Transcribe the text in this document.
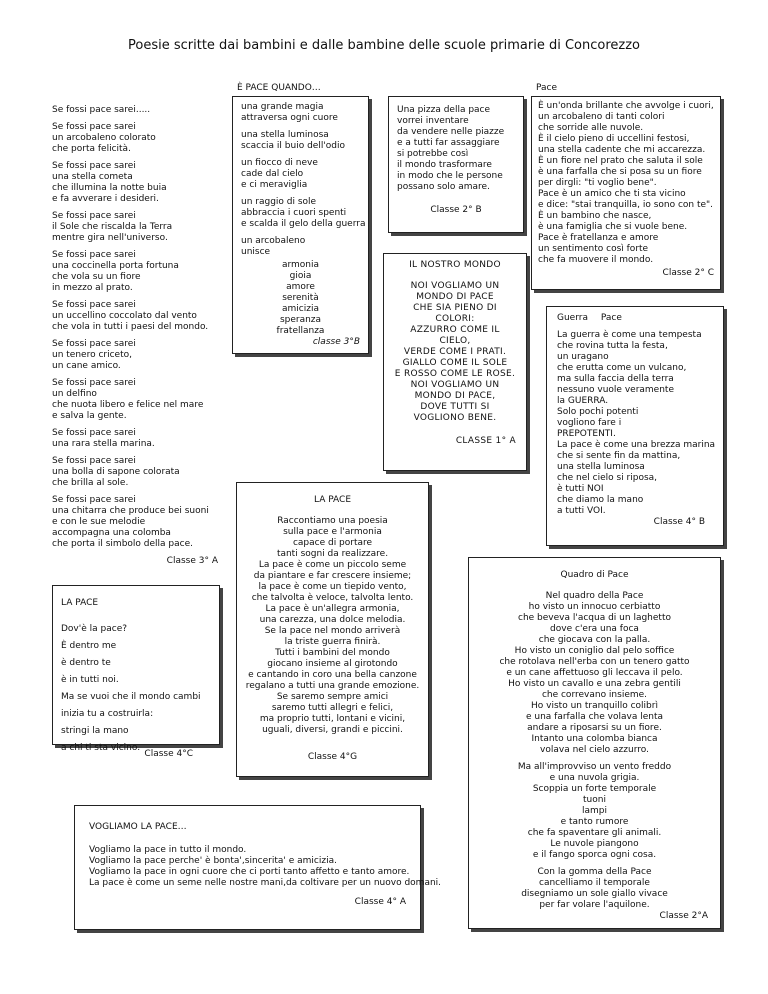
Poesie scritte dai bambini e dalle bambine delle scuole primarie di Concorezzo
Se fossi pace sarei.....
Se fossi pace sarei
un arcobaleno colorato
che porta felicità.
Se fossi pace sarei
una stella cometa
che illumina la notte buia
e fa avverare i desideri.
Se fossi pace sarei
il Sole che riscalda la Terra
mentre gira nell'universo.
Se fossi pace sarei
una coccinella porta fortuna
che vola su un fiore
in mezzo al prato.
Se fossi pace sarei
un uccellino coccolato dal vento
che vola in tutti i paesi del mondo.
Se fossi pace sarei
un tenero criceto,
un cane amico.
Se fossi pace sarei
un delfino
che nuota libero e felice nel mare
e salva la gente.
Se fossi pace sarei
una rara stella marina.
Se fossi pace sarei
una bolla di sapone colorata
che brilla al sole.
Se fossi pace sarei
una chitarra che produce bei suoni
e con le sue melodie
accompagna una colomba
che porta il simbolo della pace.
Classe 3° A
È PACE QUANDO…
una grande magia
attraversa ogni cuore
una stella luminosa
scaccia il buio dell'odio
un fiocco di neve
cade dal cielo
e ci meraviglia
un raggio di sole
abbraccia i cuori spenti
e scalda il gelo della guerra
un arcobaleno
unisce
armonia
gioia
amore
serenità
amicizia
speranza
fratellanza
classe 3°B
Una pizza della pace
vorrei inventare
da vendere nelle piazze
e a tutti far assaggiare
si potrebbe così
il mondo trasformare
in modo che le persone
possano solo amare.
Classe 2° B
Pace
È un'onda brillante che avvolge i cuori,
un arcobaleno di tanti colori
che sorride alle nuvole.
È il cielo pieno di uccellini festosi,
una stella cadente che mi accarezza.
È un fiore nel prato che saluta il sole
è una farfalla che si posa su un fiore
per dirgli: "ti voglio bene".
Pace è un amico che ti sta vicino
e dice: "stai tranquilla, io sono con te".
È un bambino che nasce,
è una famiglia che si vuole bene.
Pace è fratellanza e amore
un sentimento così forte
che fa muovere il mondo.
Classe 2° C
IL NOSTRO MONDO
NOI VOGLIAMO UN
MONDO DI PACE
CHE SIA PIENO DI
COLORI:
AZZURRO COME IL
CIELO,
VERDE COME I PRATI.
GIALLO COME IL SOLE
E ROSSO COME LE ROSE.
NOI VOGLIAMO UN
MONDO DI PACE,
DOVE TUTTI SI
VOGLIONO BENE.
CLASSE 1° A
Guerra Pace
La guerra è come una tempesta
che rovina tutta la festa,
un uragano
che erutta come un vulcano,
ma sulla faccia della terra
nessuno vuole veramente
la GUERRA.
Solo pochi potenti
vogliono fare i
PREPOTENTI.
La pace è come una brezza marina
che si sente fin da mattina,
una stella luminosa
che nel cielo si riposa,
è tutti NOI
che diamo la mano
a tutti VOI.
Classe 4° B
LA PACE
Dov'è la pace?
È dentro me
è dentro te
è in tutti noi.
Ma se vuoi che il mondo cambi
inizia tu a costruirla:
stringi la mano
a chi ti sta vicino.
Classe 4°C
LA PACE
Raccontiamo una poesia
sulla pace e l'armonia
capace di portare
tanti sogni da realizzare.
La pace è come un piccolo seme
da piantare e far crescere insieme;
la pace è come un tiepido vento,
che talvolta è veloce, talvolta lento.
La pace è un'allegra armonia,
una carezza, una dolce melodia.
Se la pace nel mondo arriverà
la triste guerra finirà.
Tutti i bambini del mondo
giocano insieme al girotondo
e cantando in coro una bella canzone
regalano a tutti una grande emozione.
Se saremo sempre amici
saremo tutti allegri e felici,
ma proprio tutti, lontani e vicini,
uguali, diversi, grandi e piccini.
Classe 4°G
Quadro di Pace
Nel quadro della Pace
ho visto un innocuo cerbiatto
che beveva l'acqua di un laghetto
dove c'era una foca
che giocava con la palla.
Ho visto un coniglio dal pelo soffice
che rotolava nell'erba con un tenero gatto
e un cane affettuoso gli leccava il pelo.
Ho visto un cavallo e una zebra gentili
che correvano insieme.
Ho visto un tranquillo colibrì
e una farfalla che volava lenta
andare a riposarsi su un fiore.
Intanto una colomba bianca
volava nel cielo azzurro.
Ma all'improvviso un vento freddo
e una nuvola grigia.
Scoppia un forte temporale
tuoni
lampi
e tanto rumore
che fa spaventare gli animali.
Le nuvole piangono
e il fango sporca ogni cosa.
Con la gomma della Pace
cancelliamo il temporale
disegniamo un sole giallo vivace
per far volare l'aquilone.
Classe 2°A
VOGLIAMO LA PACE…
Vogliamo la pace in tutto il mondo.
Vogliamo la pace perche' è bonta',sincerita' e amicizia.
Vogliamo la pace in ogni cuore che ci porti tanto affetto e tanto amore.
La pace è come un seme nelle nostre mani,da coltivare per un nuovo domani.
Classe 4° A
